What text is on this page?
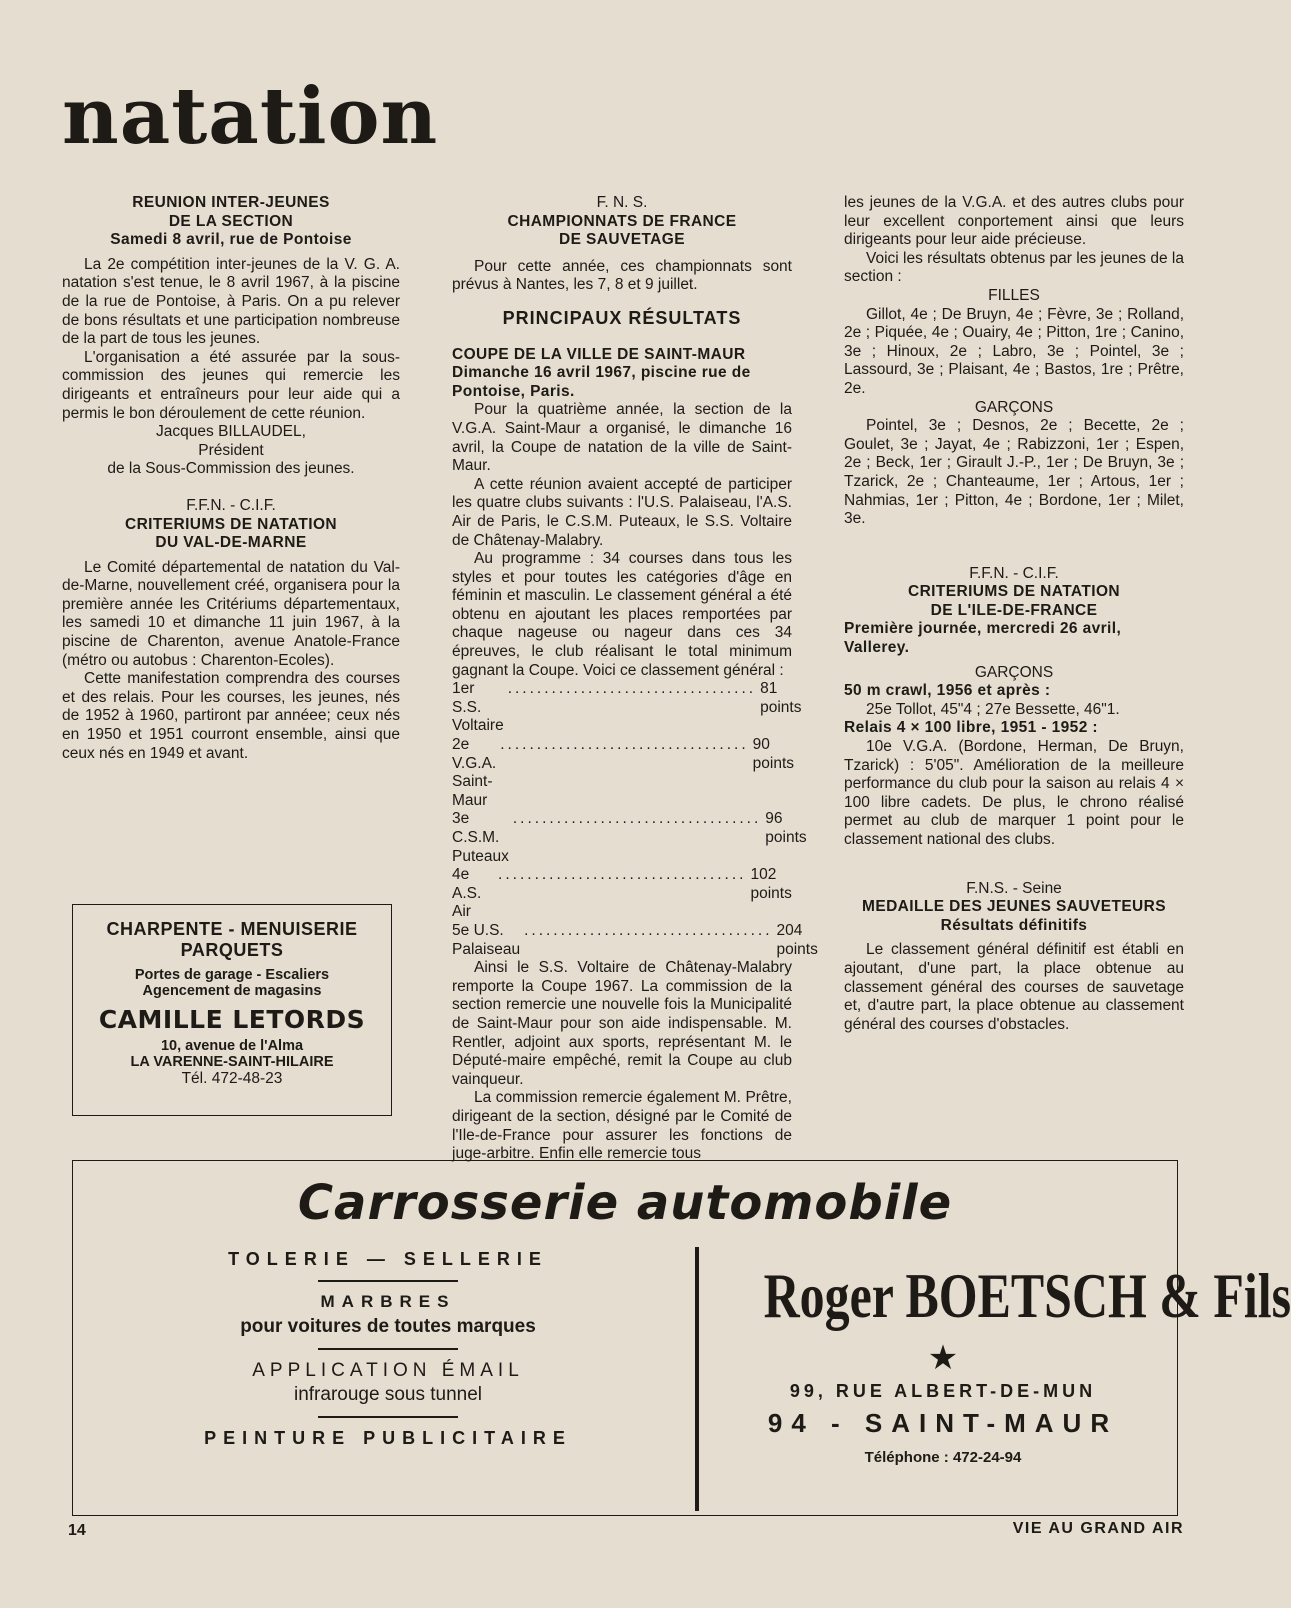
natation
REUNION INTER-JEUNES
DE LA SECTION
Samedi 8 avril, rue de Pontoise
La 2e compétition inter-jeunes de la V. G. A. natation s'est tenue, le 8 avril 1967, à la piscine de la rue de Pontoise, à Paris. On a pu relever de bons résultats et une participation nombreuse de la part de tous les jeunes.
L'organisation a été assurée par la sous-commission des jeunes qui remercie les dirigeants et entraîneurs pour leur aide qui a permis le bon déroulement de cette réunion.
Jacques BILLAUDEL,
Président
de la Sous-Commission des jeunes.
F.F.N. - C.I.F.
CRITERIUMS DE NATATION
DU VAL-DE-MARNE
Le Comité départemental de natation du Val-de-Marne, nouvellement créé, organisera pour la première année les Critériums départementaux, les samedi 10 et dimanche 11 juin 1967, à la piscine de Charenton, avenue Anatole-France (métro ou autobus : Charenton-Ecoles).
Cette manifestation comprendra des courses et des relais. Pour les courses, les jeunes, nés de 1952 à 1960, partiront par annéee; ceux nés en 1950 et 1951 courront ensemble, ainsi que ceux nés en 1949 et avant.
CHARPENTE - MENUISERIE
PARQUETS
Portes de garage - Escaliers
Agencement de magasins
CAMILLE LETORDS
10, avenue de l'Alma
LA VARENNE-SAINT-HILAIRE
Tél. 472-48-23
F. N. S.
CHAMPIONNATS DE FRANCE
DE SAUVETAGE
Pour cette année, ces championnats sont prévus à Nantes, les 7, 8 et 9 juillet.
PRINCIPAUX RÉSULTATS
COUPE DE LA VILLE DE SAINT-MAUR
Dimanche 16 avril 1967, piscine rue de Pontoise, Paris.
Pour la quatrième année, la section de la V.G.A. Saint-Maur a organisé, le dimanche 16 avril, la Coupe de natation de la ville de Saint-Maur.
A cette réunion avaient accepté de participer les quatre clubs suivants : l'U.S. Palaiseau, l'A.S. Air de Paris, le C.S.M. Puteaux, le S.S. Voltaire de Châtenay-Malabry.
Au programme : 34 courses dans tous les styles et pour toutes les catégories d'âge en féminin et masculin. Le classement général a été obtenu en ajoutant les places remportées par chaque nageuse ou nageur dans ces 34 épreuves, le club réalisant le total minimum gagnant la Coupe. Voici ce classement général :
1er S.S. Voltaire
.................................. 81 points
2e V.G.A. Saint-Maur
.................................. 90 points
3e C.S.M. Puteaux
.................................. 96 points
4e A.S. Air
.................................. 102 points
5e U.S. Palaiseau
.................................. 204 points
Ainsi le S.S. Voltaire de Châtenay-Malabry remporte la Coupe 1967. La commission de la section remercie une nouvelle fois la Municipalité de Saint-Maur pour son aide indispensable. M. Rentler, adjoint aux sports, représentant M. le Député-maire empêché, remit la Coupe au club vainqueur.
La commission remercie également M. Prêtre, dirigeant de la section, désigné par le Comité de l'Ile-de-France pour assurer les fonctions de juge-arbitre. Enfin elle remercie tous
les jeunes de la V.G.A. et des autres clubs pour leur excellent conportement ainsi que leurs dirigeants pour leur aide précieuse.
Voici les résultats obtenus par les jeunes de la section :
FILLES
Gillot, 4e ; De Bruyn, 4e ; Fèvre, 3e ; Rolland, 2e ; Piquée, 4e ; Ouairy, 4e ; Pitton, 1re ; Canino, 3e ; Hinoux, 2e ; Labro, 3e ; Pointel, 3e ; Lassourd, 3e ; Plaisant, 4e ; Bastos, 1re ; Prêtre, 2e.
GARÇONS
Pointel, 3e ; Desnos, 2e ; Becette, 2e ; Goulet, 3e ; Jayat, 4e ; Rabizzoni, 1er ; Espen, 2e ; Beck, 1er ; Girault J.-P., 1er ; De Bruyn, 3e ; Tzarick, 2e ; Chanteaume, 1er ; Artous, 1er ; Nahmias, 1er ; Pitton, 4e ; Bordone, 1er ; Milet, 3e.
F.F.N. - C.I.F.
CRITERIUMS DE NATATION
DE L'ILE-DE-FRANCE
Première journée, mercredi 26 avril, Vallerey.
GARÇONS
50 m crawl, 1956 et après :
25e Tollot, 45"4 ; 27e Bessette, 46"1.
Relais 4 × 100 libre, 1951 - 1952 :
10e V.G.A. (Bordone, Herman, De Bruyn, Tzarick) : 5'05". Amélioration de la meilleure performance du club pour la saison au relais 4 × 100 libre cadets. De plus, le chrono réalisé permet au club de marquer 1 point pour le classement national des clubs.
F.N.S. - Seine
MEDAILLE DES JEUNES SAUVETEURS
Résultats définitifs
Le classement général définitif est établi en ajoutant, d'une part, la place obtenue au classement général des courses de sauvetage et, d'autre part, la place obtenue au classement général des courses d'obstacles.
Carrosserie automobile
TOLERIE — SELLERIE
MARBRES
pour voitures de toutes marques
APPLICATION ÉMAIL
infrarouge sous tunnel
PEINTURE PUBLICITAIRE
Roger BOETSCH & Fils
★
99, RUE ALBERT-DE-MUN
94 - SAINT-MAUR
Téléphone : 472-24-94
14	VIE AU GRAND AIR
